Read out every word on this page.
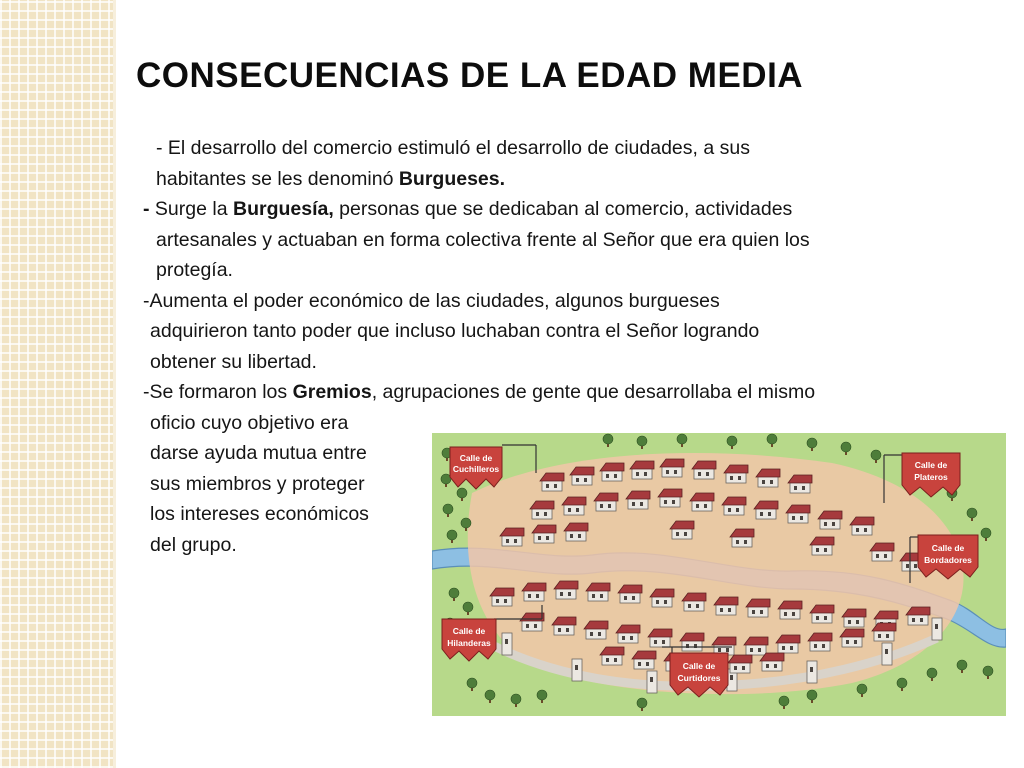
CONSECUENCIAS DE LA EDAD MEDIA

- El desarrollo del comercio estimuló el desarrollo de ciudades, a sus
habitantes se les denominó Burgueses.

- Surge la Burguesía, personas que se dedicaban al comercio, actividades
artesanales y actuaban en forma colectiva frente al Señor que era quien los
protegía.

-Aumenta el poder económico de las ciudades, algunos burgueses
adquirieron tanto poder que incluso luchaban contra el Señor logrando
obtener su libertad.

-Se formaron los Gremios, agrupaciones de gente que desarrollaba el mismo
oficio cuyo objetivo era
darse ayuda mutua entre
sus miembros y proteger
los intereses económicos
del grupo.

Calle de
Cuchilleros	Calle de
Plateros
Calle de
Bordadores
Calle de
Hilanderas
Calle de
Curtidores
